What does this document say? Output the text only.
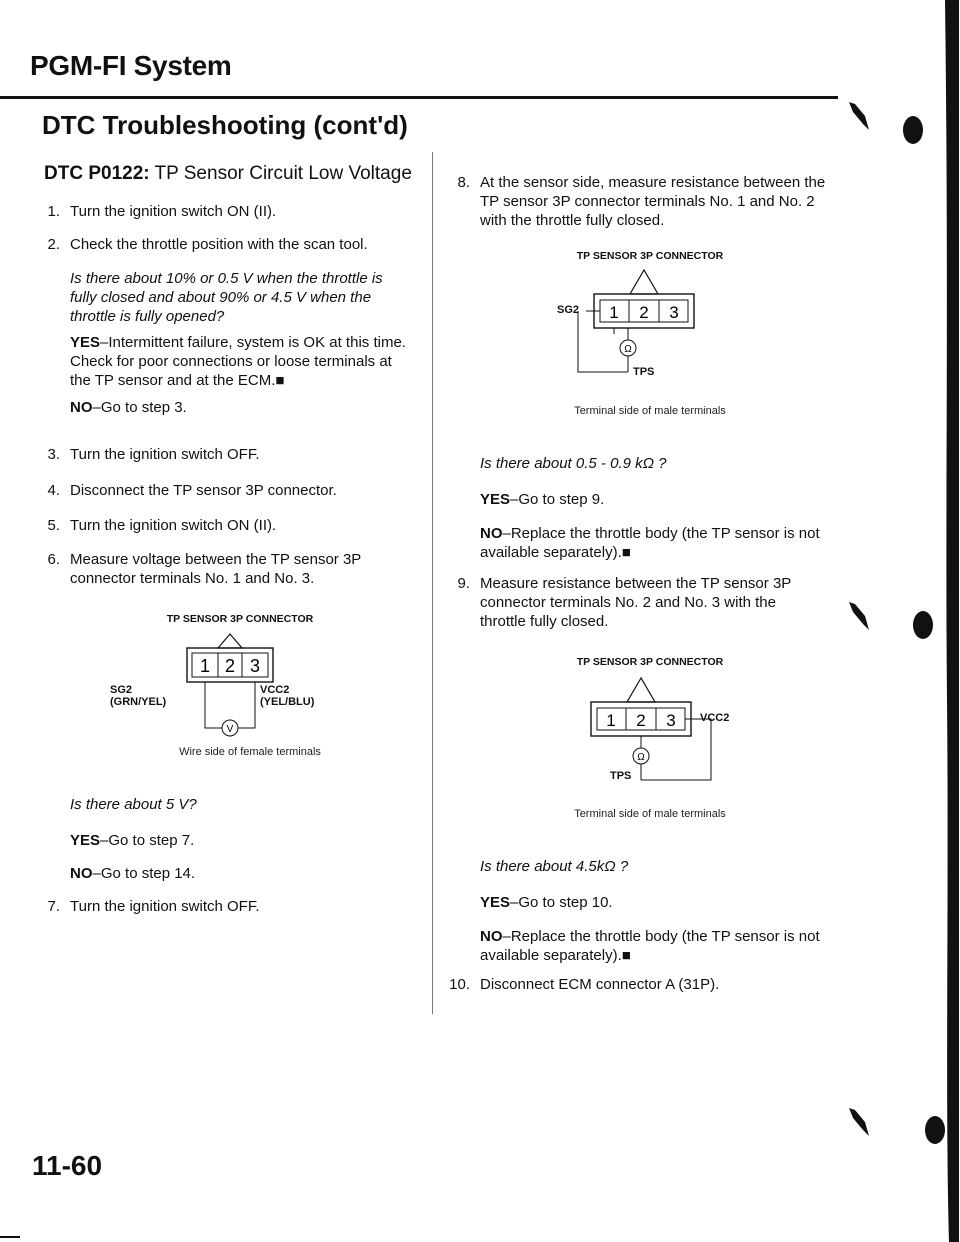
PGM-FI System
DTC Troubleshooting (cont'd)
DTC P0122: TP Sensor Circuit Low Voltage
1. Turn the ignition switch ON (II).
2. Check the throttle position with the scan tool.
Is there about 10% or 0.5 V when the throttle is
fully closed and about 90% or 4.5 V when the
throttle is fully opened?
YES–Intermittent failure, system is OK at this time.
Check for poor connections or loose terminals at
the TP sensor and at the ECM.■
NO–Go to step 3.
3. Turn the ignition switch OFF.
4. Disconnect the TP sensor 3P connector.
5. Turn the ignition switch ON (II).
6. Measure voltage between the TP sensor 3P
connector terminals No. 1 and No. 3.
TP SENSOR 3P CONNECTOR
1 2 3
V
SG2
(GRN/YEL)
VCC2
(YEL/BLU)
Wire side of female terminals
Is there about 5 V?
YES–Go to step 7.
NO–Go to step 14.
7. Turn the ignition switch OFF.
8. At the sensor side, measure resistance between the
TP sensor 3P connector terminals No. 1 and No. 2
with the throttle fully closed.
TP SENSOR 3P CONNECTOR
1 2 3
Ω
SG2
TPS
Terminal side of male terminals
Is there about 0.5 - 0.9 kΩ ?
YES–Go to step 9.
NO–Replace the throttle body (the TP sensor is not
available separately).■
9. Measure resistance between the TP sensor 3P
connector terminals No. 2 and No. 3 with the
throttle fully closed.
TP SENSOR 3P CONNECTOR
1 2 3
Ω
VCC2
TPS
Terminal side of male terminals
Is there about 4.5kΩ ?
YES–Go to step 10.
NO–Replace the throttle body (the TP sensor is not
available separately).■
10. Disconnect ECM connector A (31P).
11-60
